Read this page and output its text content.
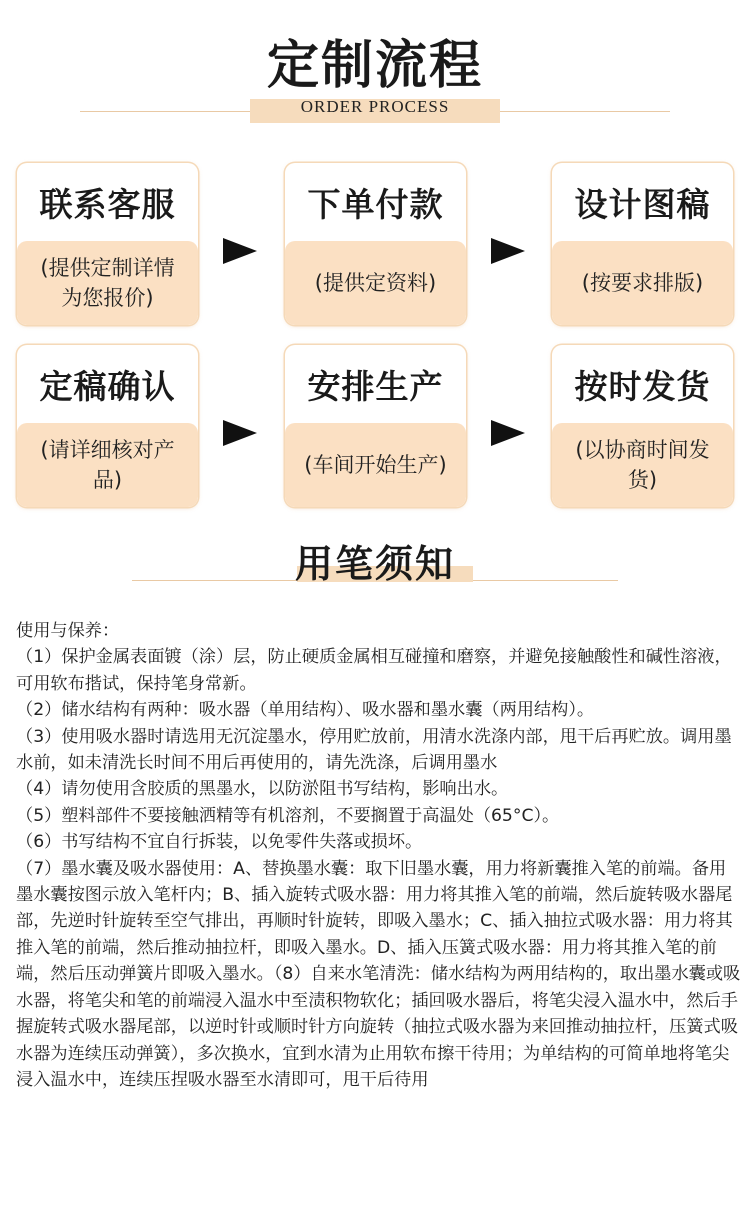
定制流程
ORDER PROCESS
联系客服
(提供定制详情为您报价)
下单付款
(提供定资料)
设计图稿
(按要求排版)
定稿确认
(请详细核对产品)
安排生产
(车间开始生产)
按时发货
(以协商时间发货)
用笔须知

使用与保养：

（1）保护金属表面镀（涂）层，防止硬质金属相互碰撞和磨察，并避免接触酸性和碱性溶液，可用软布揩试，保持笔身常新。

（2）储水结构有两种：吸水器（单用结构）、吸水器和墨水囊（两用结构）。

（3）使用吸水器时请选用无沉淀墨水，停用贮放前，用清水洗涤内部，甩干后再贮放。调用墨水前，如未清洗长时间不用后再使用的，请先洗涤，后调用墨水

（4）请勿使用含胶质的黑墨水，以防淤阻书写结构，影响出水。

（5）塑料部件不要接触洒精等有机溶剂，不要搁置于高温处（65°C）。

（6）书写结构不宜自行拆装，以免零件失落或损坏。

（7）墨水囊及吸水器使用：A、替换墨水囊：取下旧墨水囊，用力将新囊推入笔的前端。备用墨水囊按图示放入笔杆内；B、插入旋转式吸水器：用力将其推入笔的前端，然后旋转吸水器尾部，先逆时针旋转至空气排出，再顺时针旋转，即吸入墨水；C、插入抽拉式吸水器：用力将其推入笔的前端，然后推动抽拉杆，即吸入墨水。D、插入压簧式吸水器：用力将其推入笔的前端，然后压动弹簧片即吸入墨水。（8）自来水笔清洗：储水结构为两用结构的，取出墨水囊或吸水器，将笔尖和笔的前端浸入温水中至渍积物软化；插回吸水器后，将笔尖浸入温水中，然后手握旋转式吸水器尾部，以逆时针或顺时针方向旋转（抽拉式吸水器为来回推动抽拉杆，压簧式吸水器为连续压动弹簧），多次换水，宜到水清为止用软布擦干待用；为单结构的可简单地将笔尖浸入温水中，连续压捏吸水器至水清即可，甩干后待用
